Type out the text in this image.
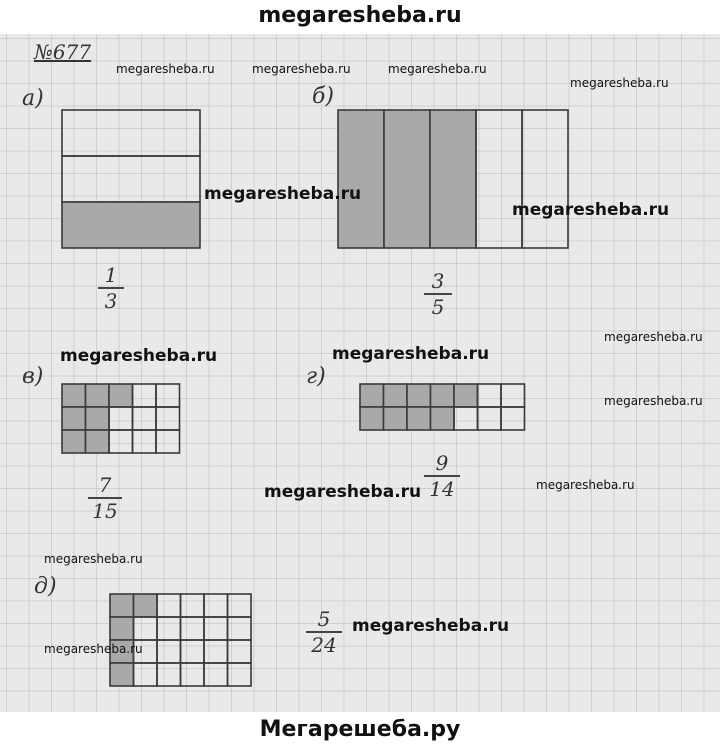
megaresheba.ru
№677
а)	б)
в)	г)
д)
1
3
3
5
7
15
9
14
5
24
megaresheba.ru	megaresheba.ru	megaresheba.ru
megaresheba.ru
megaresheba.ru
megaresheba.ru
megaresheba.ru
megaresheba.ru	megaresheba.ru
megaresheba.ru
megaresheba.ru	megaresheba.ru
megaresheba.ru
megaresheba.ru
megaresheba.ru
Мегарешеба.ру
